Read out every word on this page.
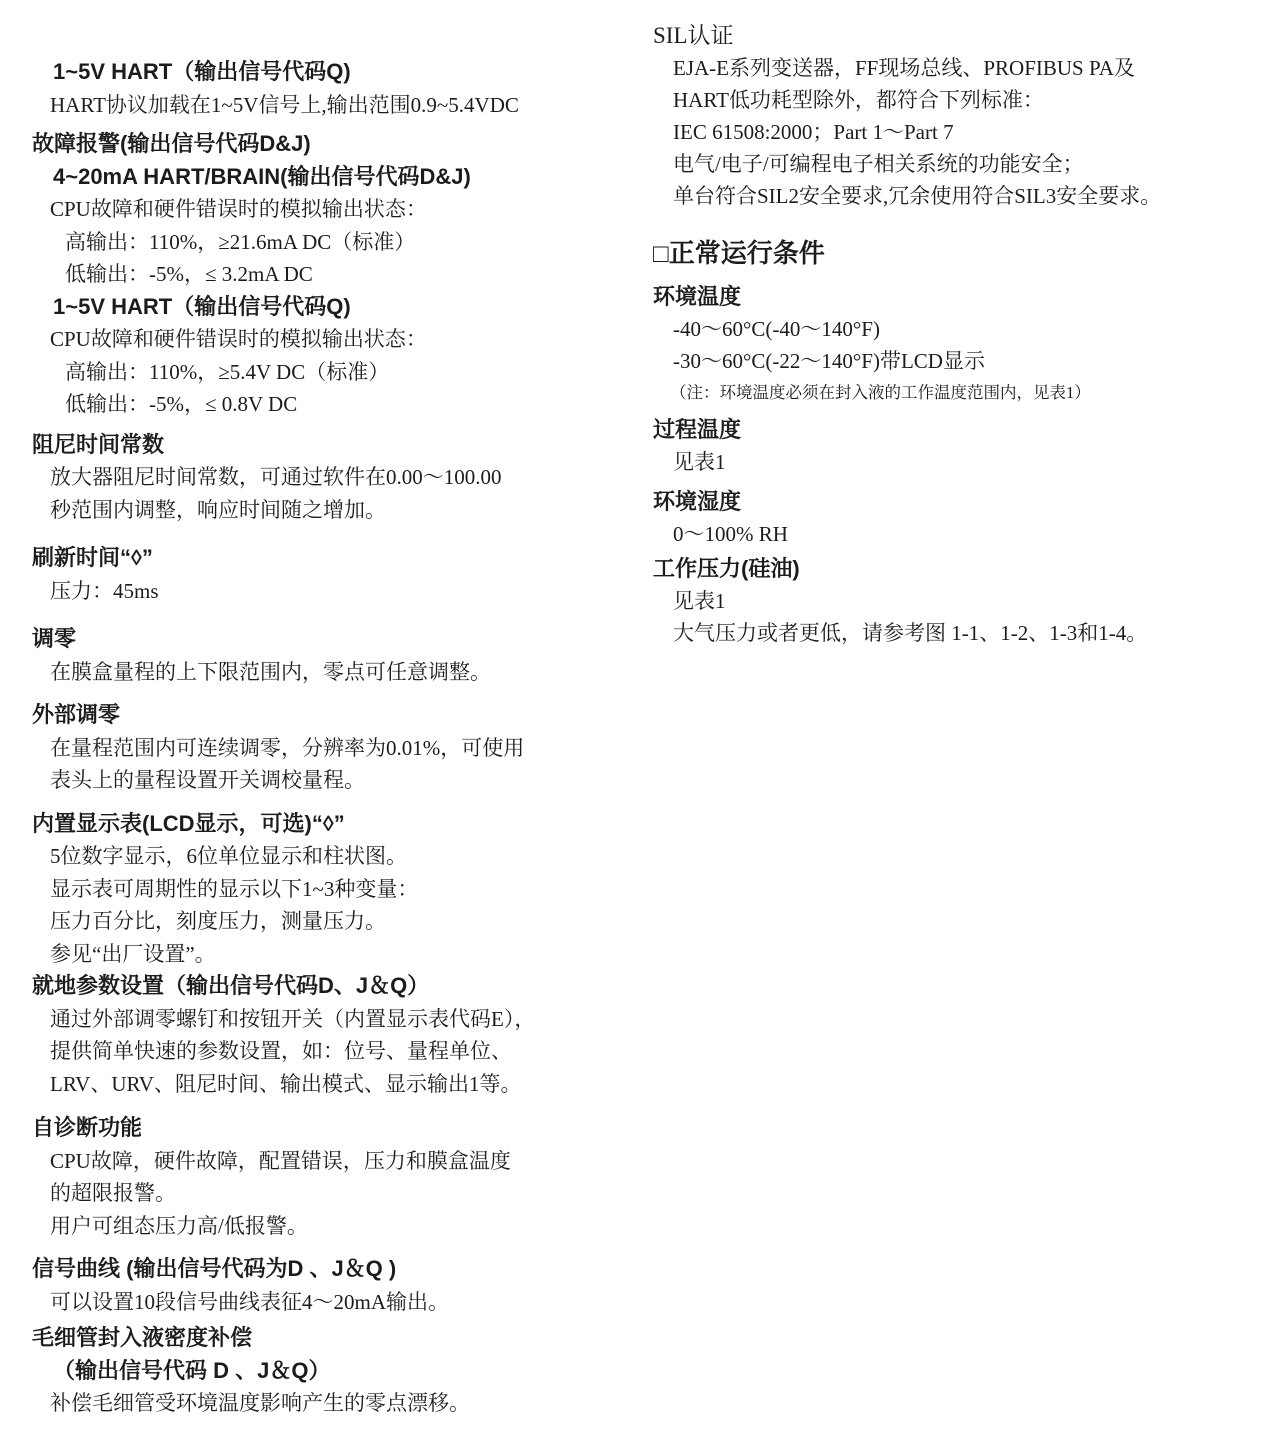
1~5V HART（输出信号代码Q)
HART协议加载在1~5V信号上,输出范围0.9~5.4VDC
故障报警(输出信号代码D&J)
4~20mA HART/BRAIN(输出信号代码D&J)
CPU故障和硬件错误时的模拟输出状态：
高输出：110%，≥21.6mA DC（标准）
低输出：-5%，≤ 3.2mA DC
1~5V HART（输出信号代码Q)
CPU故障和硬件错误时的模拟输出状态：
高输出：110%，≥5.4V DC（标准）
低输出：-5%，≤ 0.8V DC
阻尼时间常数
放大器阻尼时间常数，可通过软件在0.00～100.00
秒范围内调整，响应时间随之增加。
刷新时间“◊”
压力：45ms
调零
在膜盒量程的上下限范围内，零点可任意调整。
外部调零
在量程范围内可连续调零，分辨率为0.01%，可使用
表头上的量程设置开关调校量程。
内置显示表(LCD显示，可选)“◊”
5位数字显示，6位单位显示和柱状图。
显示表可周期性的显示以下1~3种变量：
压力百分比，刻度压力，测量压力。
参见“出厂设置”。
就地参数设置（输出信号代码D、J＆Q）
通过外部调零螺钉和按钮开关（内置显示表代码E），
提供简单快速的参数设置，如：位号、量程单位、
LRV、URV、阻尼时间、输出模式、显示输出1等。
自诊断功能
CPU故障，硬件故障，配置错误，压力和膜盒温度
的超限报警。
用户可组态压力高/低报警。
信号曲线 (输出信号代码为D 、J＆Q )
可以设置10段信号曲线表征4～20mA输出。
毛细管封入液密度补偿
（输出信号代码 D 、J＆Q）
补偿毛细管受环境温度影响产生的零点漂移。
SIL认证
EJA-E系列变送器，FF现场总线、PROFIBUS PA及
HART低功耗型除外，都符合下列标准：
IEC 61508:2000；Part 1～Part 7
电气/电子/可编程电子相关系统的功能安全；
单台符合SIL2安全要求,冗余使用符合SIL3安全要求。
□正常运行条件
环境温度
-40～60°C(-40～140°F)
-30～60°C(-22～140°F)带LCD显示
（注：环境温度必须在封入液的工作温度范围内，见表1）
过程温度
见表1
环境湿度
0～100% RH
工作压力(硅油)
见表1
大气压力或者更低，请参考图 1-1、1-2、1-3和1-4。
